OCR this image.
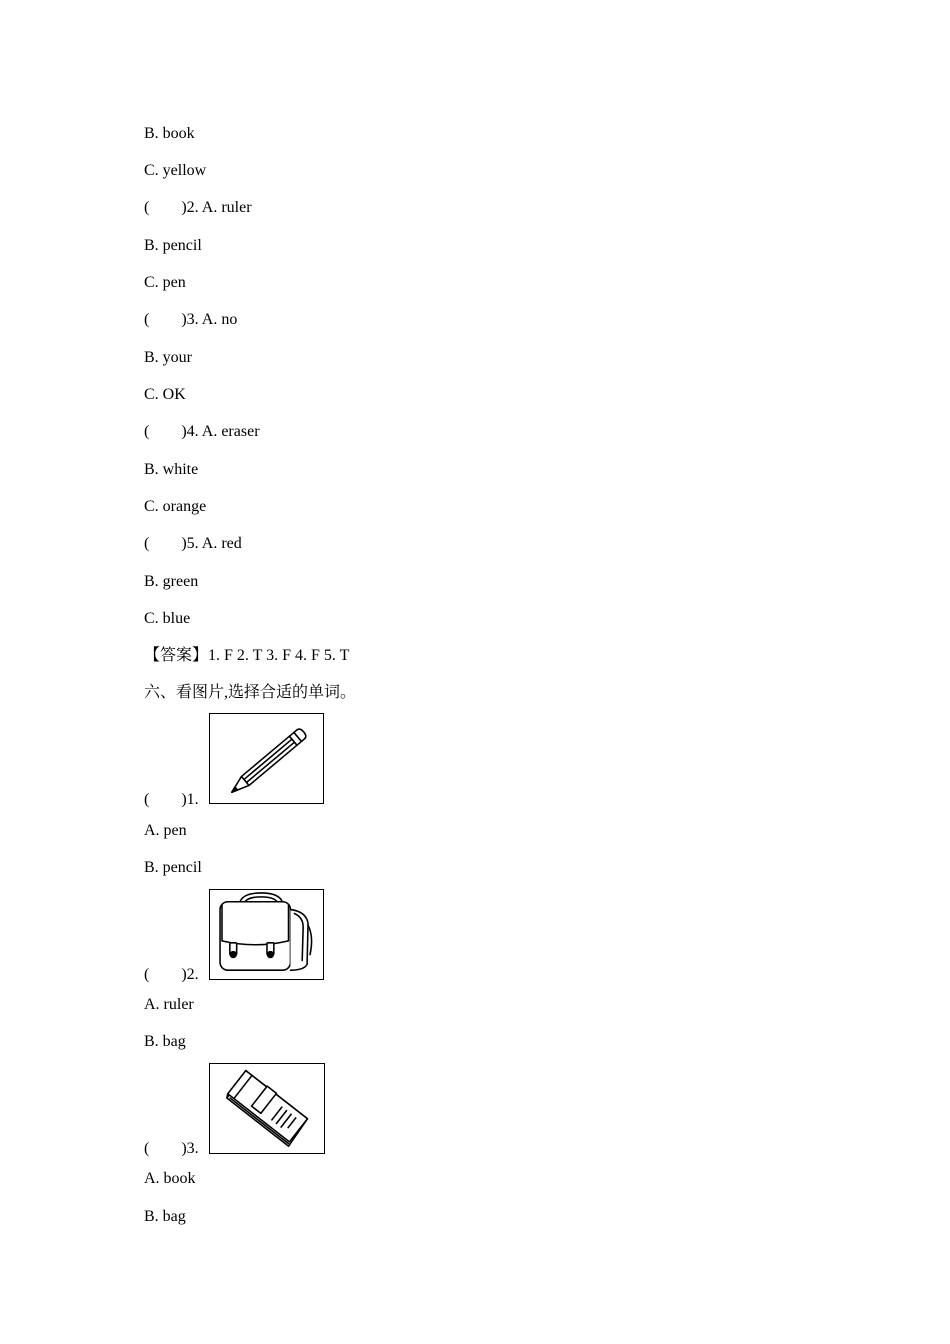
B. book
C. yellow
(        )2. A. ruler
B. pencil
C. pen
(        )3. A. no
B. your
C. OK
(        )4. A. eraser
B. white
C. orange
(        )5. A. red
B. green
C. blue
【答案】1. F 2. T 3. F 4. F 5. T
六、看图片,选择合适的单词。
(        )1.
A. pen
B. pencil
(        )2.
A. ruler
B. bag
(        )3.
A. book
B. bag
